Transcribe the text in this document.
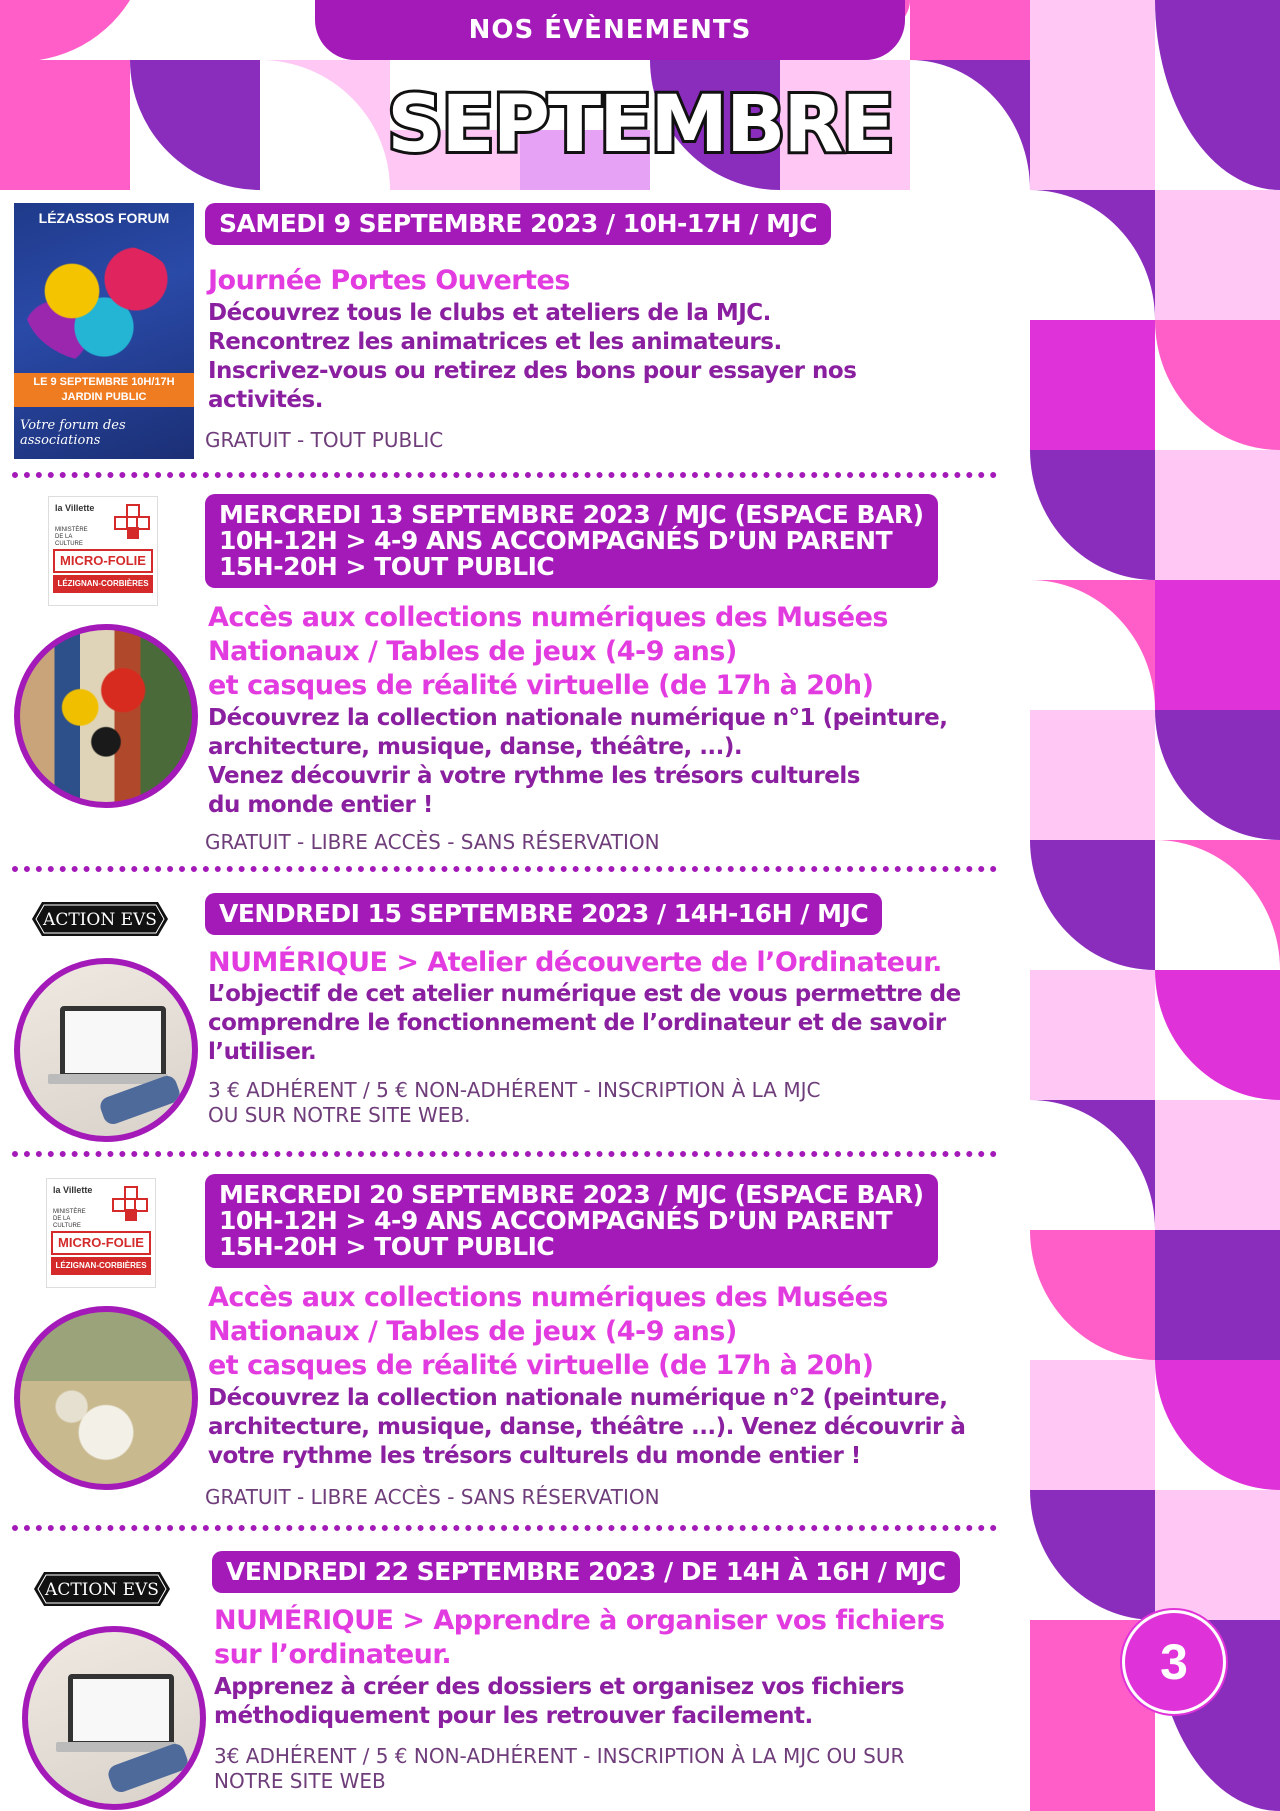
NOS ÉVÈNEMENTS
SEPTEMBRE
3
LÉZASSOS FORUM
LE 9 SEPTEMBRE 10H/17H JARDIN PUBLIC
Votre forum des associations
SAMEDI 9 SEPTEMBRE 2023 / 10H-17H / MJC
Journée Portes Ouvertes
Découvrez tous le clubs et ateliers de la MJC.
Rencontrez les animatrices et les animateurs.
Inscrivez-vous ou retirez des bons pour essayer nos
activités.
GRATUIT - TOUT PUBLIC
la Villette
MINISTÈRE DE LA CULTURE
MICRO-FOLIE
LÉZIGNAN-CORBIÈRES
MERCREDI 13 SEPTEMBRE 2023 / MJC (ESPACE BAR)
10H-12H > 4-9 ANS ACCOMPAGNÉS D’UN PARENT
15H-20H > TOUT PUBLIC
Accès aux collections numériques des Musées
Nationaux / Tables de jeux (4-9 ans)
et casques de réalité virtuelle (de 17h à 20h)
Découvrez la collection nationale numérique n°1 (peinture,
architecture, musique, danse, théâtre, ...).
Venez découvrir à votre rythme les trésors culturels
du monde entier !
GRATUIT - LIBRE ACCÈS - SANS RÉSERVATION
ACTION EVS	VENDREDI 15 SEPTEMBRE 2023 / 14H-16H / MJC
NUMÉRIQUE > Atelier découverte de l’Ordinateur.
L’objectif de cet atelier numérique est de vous permettre de
comprendre le fonctionnement de l’ordinateur et de savoir
l’utiliser.
3 € ADHÉRENT / 5 € NON-ADHÉRENT - INSCRIPTION À LA MJC
OU SUR NOTRE SITE WEB.
la Villette
MINISTÈRE DE LA CULTURE
MICRO-FOLIE
LÉZIGNAN-CORBIÈRES
MERCREDI 20 SEPTEMBRE 2023 / MJC (ESPACE BAR)
10H-12H > 4-9 ANS ACCOMPAGNÉS D’UN PARENT
15H-20H > TOUT PUBLIC
Accès aux collections numériques des Musées
Nationaux / Tables de jeux (4-9 ans)
et casques de réalité virtuelle (de 17h à 20h)
Découvrez la collection nationale numérique n°2 (peinture,
architecture, musique, danse, théâtre ...). Venez découvrir à
votre rythme les trésors culturels du monde entier !
GRATUIT - LIBRE ACCÈS - SANS RÉSERVATION
ACTION EVS
VENDREDI 22 SEPTEMBRE 2023 / DE 14H À 16H / MJC
NUMÉRIQUE > Apprendre à organiser vos fichiers
sur l’ordinateur.
Apprenez à créer des dossiers et organisez vos fichiers
méthodiquement pour les retrouver facilement.
3€ ADHÉRENT / 5 € NON-ADHÉRENT - INSCRIPTION À LA MJC OU SUR
NOTRE SITE WEB
